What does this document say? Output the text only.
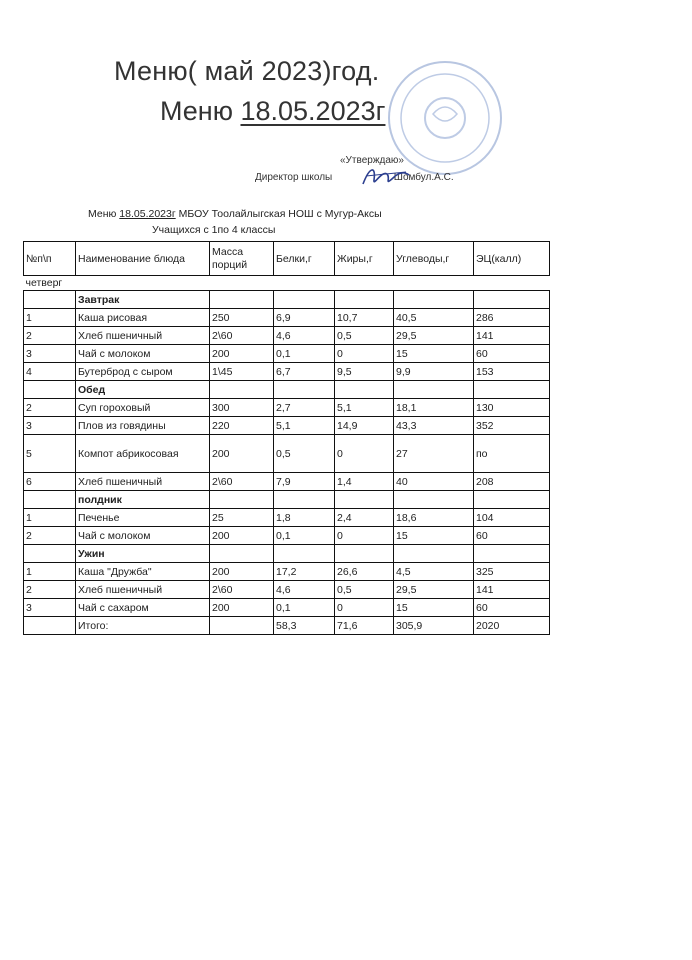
Меню( май 2023)год.
Меню 18.05.2023г
«Утверждаю»
Директор школы	Шомбул.А.С.
Меню 18.05.2023г МБОУ Тоолайлыгская НОШ с Мугур-Аксы
Учащихся с 1по 4 классы
№п\п	Наименование блюда	Масса порций	Белки,г	Жиры,г	Углеводы,г	ЭЦ(калл)
четверг						
	Завтрак					
1	Каша рисовая	250	6,9	10,7	40,5	286
2	Хлеб пшеничный	2\60	4,6	0,5	29,5	141
3	Чай с молоком	200	0,1	0	15	60
4	Бутерброд с сыром	1\45	6,7	9,5	9,9	153
	Обед					
2	Суп гороховый	300	2,7	5,1	18,1	130
3	Плов из говядины	220	5,1	14,9	43,3	352
5	Компот абрикосовая	200	0,5	0	27	по
6	Хлеб пшеничный	2\60	7,9	1,4	40	208
	полдник					
1	Печенье	25	1,8	2,4	18,6	104
2	Чай с молоком	200	0,1	0	15	60
	Ужин					
1	Каша "Дружба"	200	17,2	26,6	4,5	325
2	Хлеб пшеничный	2\60	4,6	0,5	29,5	141
3	Чай с сахаром	200	0,1	0	15	60
	Итого:		58,3	71,6	305,9	2020
